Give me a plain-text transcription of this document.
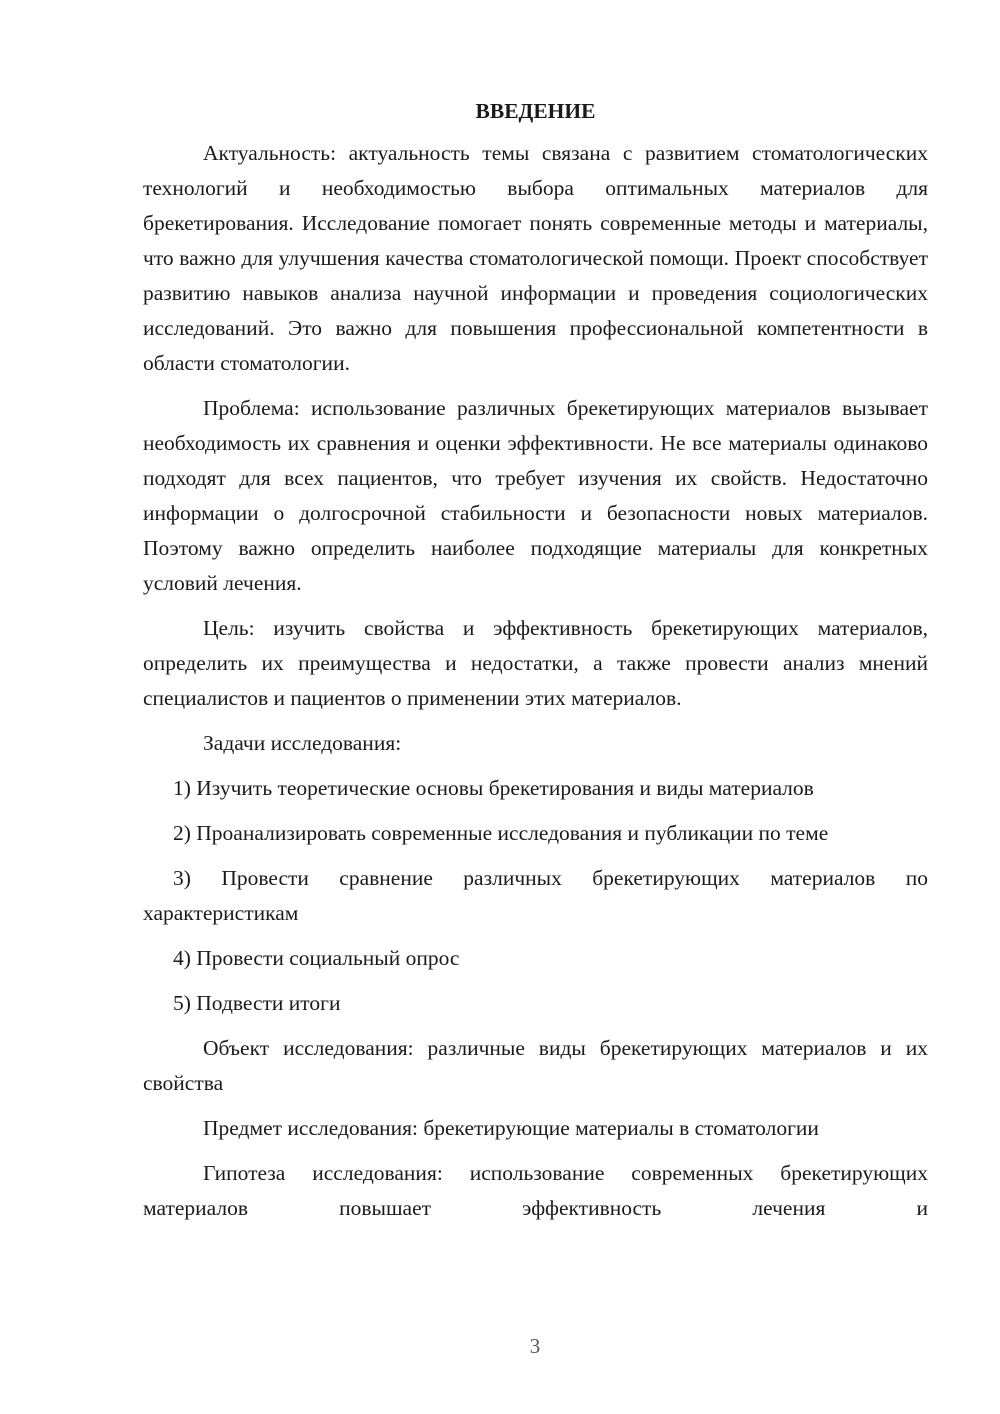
ВВЕДЕНИЕ

Актуальность: актуальность темы связана с развитием стоматологических технологий и необходимостью выбора оптимальных материалов для брекетирования. Исследование помогает понять современные методы и материалы, что важно для улучшения качества стоматологической помощи. Проект способствует развитию навыков анализа научной информации и проведения социологических исследований. Это важно для повышения профессиональной компетентности в области стоматологии.

Проблема: использование различных брекетирующих материалов вызывает необходимость их сравнения и оценки эффективности. Не все материалы одинаково подходят для всех пациентов, что требует изучения их свойств. Недостаточно информации о долгосрочной стабильности и безопасности новых материалов. Поэтому важно определить наиболее подходящие материалы для конкретных условий лечения.

Цель: изучить свойства и эффективность брекетирующих материалов, определить их преимущества и недостатки, а также провести анализ мнений специалистов и пациентов о применении этих материалов.

Задачи исследования:

1) Изучить теоретические основы брекетирования и виды материалов

2) Проанализировать современные исследования и публикации по теме

3) Провести сравнение различных брекетирующих материалов по характеристикам

4) Провести социальный опрос

5) Подвести итоги

Объект исследования: различные виды брекетирующих материалов и их свойства

Предмет исследования: брекетирующие материалы в стоматологии

Гипотеза исследования: использование современных брекетирующих материалов повышает эффективность лечения и

3
